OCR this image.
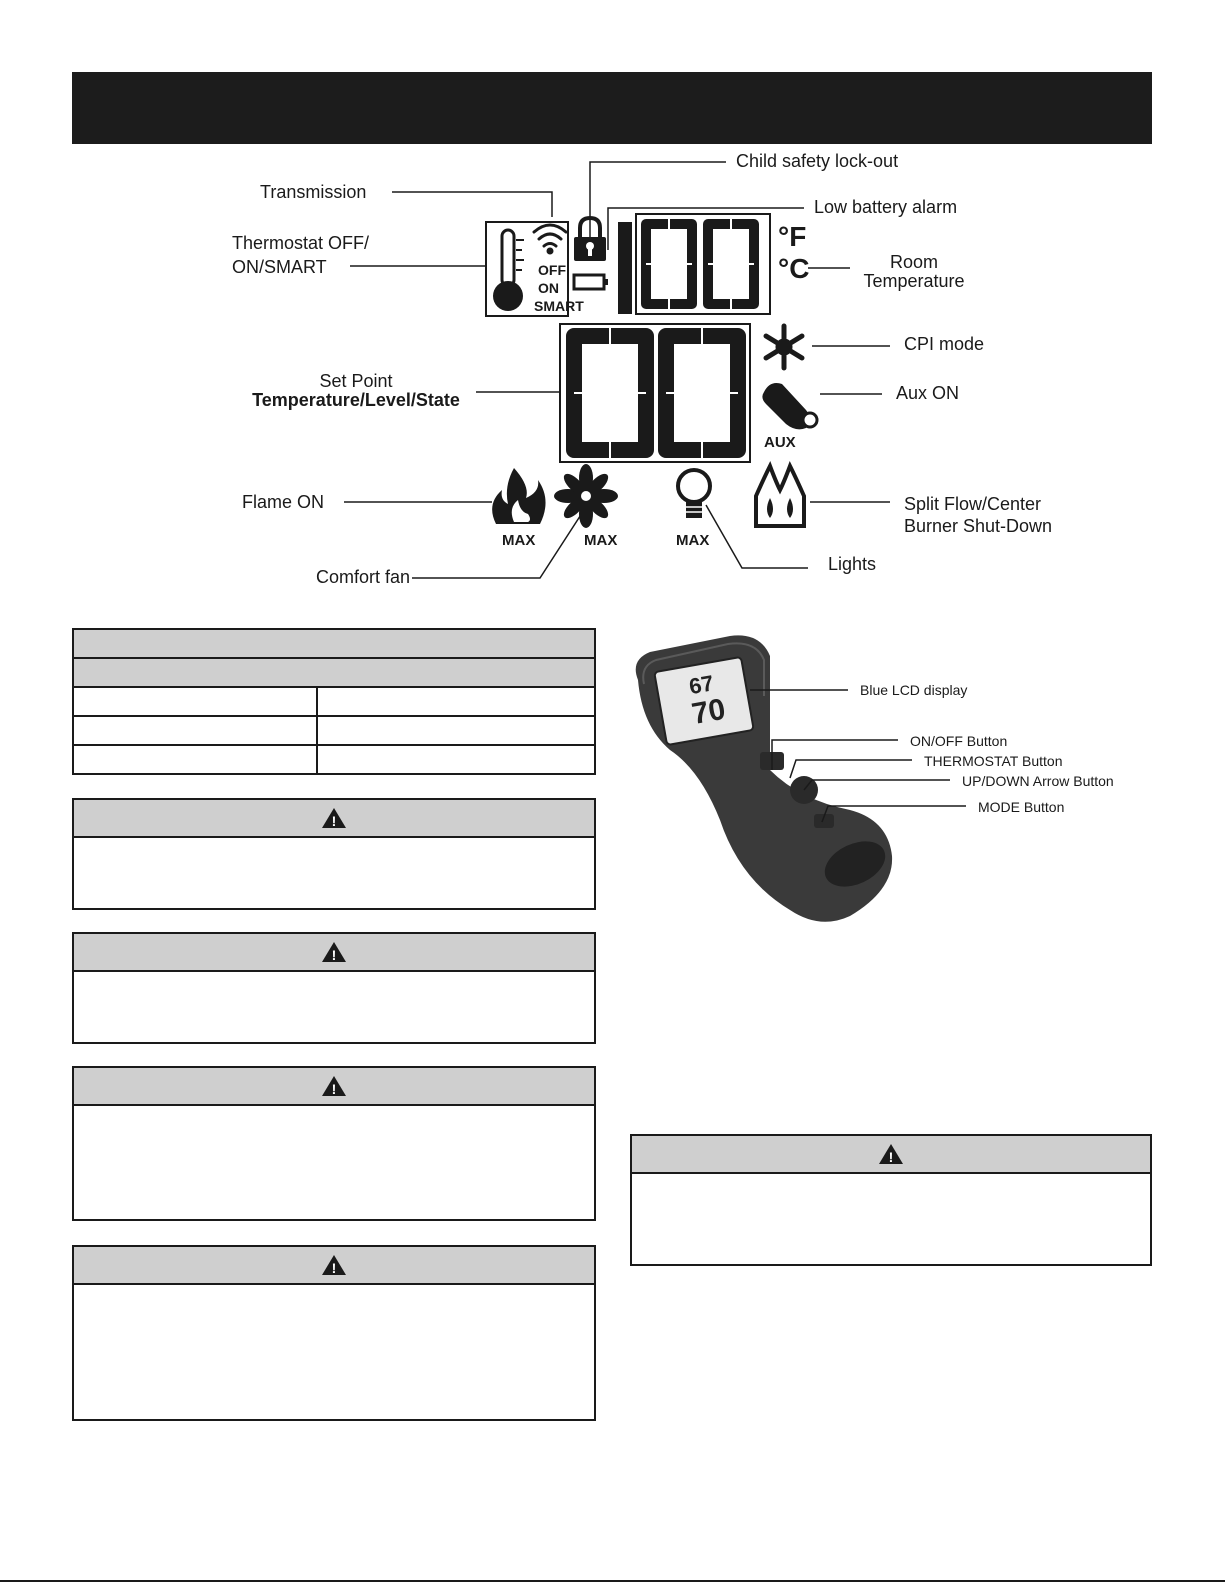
Transmission
Child safety lock-out
Low battery alarm
Thermostat OFF/
ON/SMART	Room
Temperature
CPI mode
Set Point
Temperature/Level/State	Aux ON
Flame ON	Split Flow/Center
Burner Shut-Down
Comfort fan
Lights
OFF
ON
SMART
°F
°C
AUX
MAX	MAX	MAX

!
!
!
!
!
67
70
Blue LCD display
ON/OFF Button
THERMOSTAT Button
UP/DOWN Arrow Button
MODE Button
